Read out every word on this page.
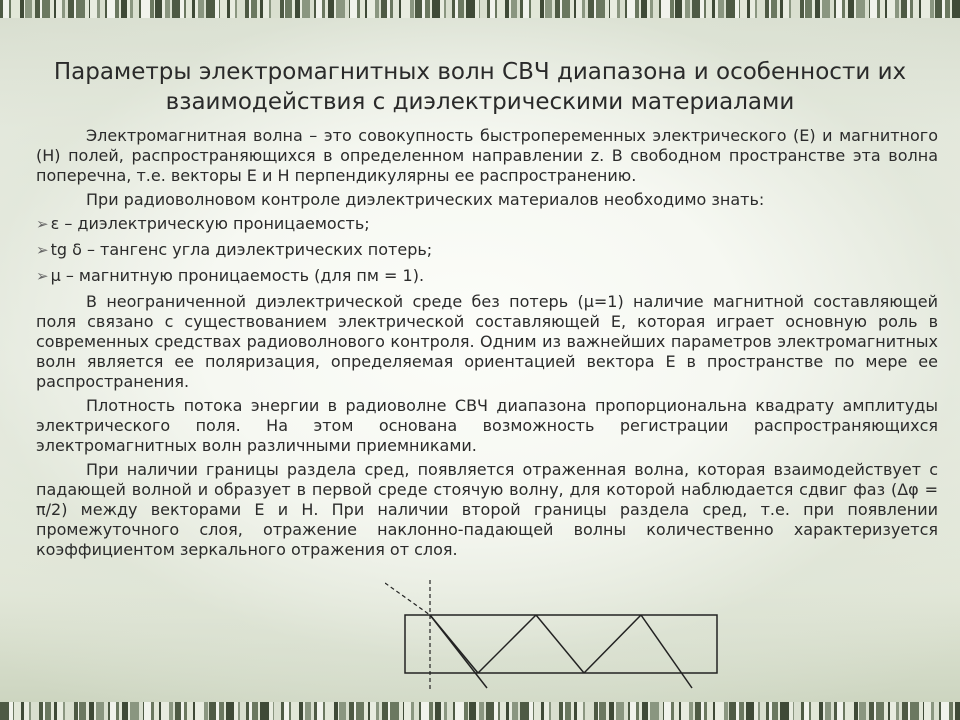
Параметры электромагнитных волн СВЧ диапазона и особенности их
взаимодействия с диэлектрическими материалами

Электромагнитная волна – это совокупность быстропеременных электрического (E) и магнитного (H) полей, распространяющихся в определенном направлении z. В свободном пространстве эта волна поперечна, т.е. векторы Е и Н перпендикулярны ее распространению.

При радиоволновом контроле диэлектрических материалов необходимо знать:

➢ ε – диэлектрическую проницаемость;

➢ tg δ – тангенс угла диэлектрических потерь;

➢ μ – магнитную проницаемость (для пм = 1).

В неограниченной диэлектрической среде без потерь (μ=1) наличие магнитной составляющей поля связано с существованием электрической составляющей Е, которая играет основную роль в современных средствах радиоволнового контроля. Одним из важнейших параметров электромагнитных волн является ее поляризация, определяемая ориентацией вектора Е в пространстве по мере ее распространения.

Плотность потока энергии в радиоволне СВЧ диапазона пропорциональна квадрату амплитуды электрического поля. На этом основана возможность регистрации распространяющихся электромагнитных волн различными приемниками.

При наличии границы раздела сред, появляется отраженная волна, которая взаимодействует с падающей волной и образует в первой среде стоячую волну, для которой наблюдается сдвиг фаз (Δφ = π/2) между векторами Е и Н. При наличии второй границы раздела сред, т.е. при появлении промежуточного слоя, отражение наклонно-падающей волны количественно характеризуется коэффициентом зеркального отражения от слоя.
